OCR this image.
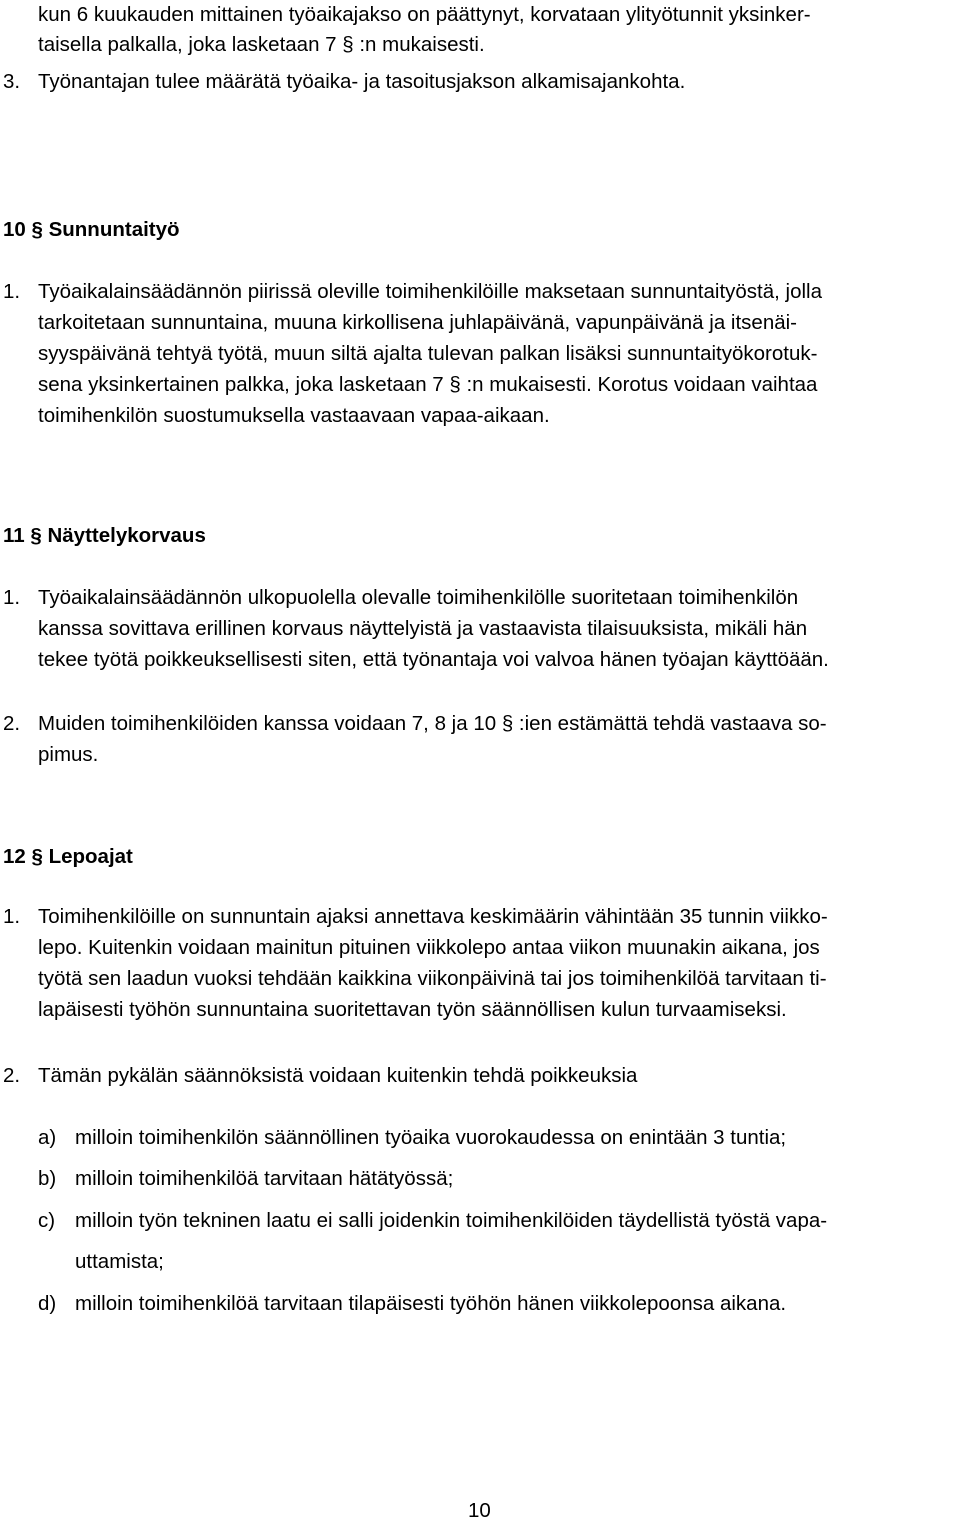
kun 6 kuukauden mittainen työaikajakso on päättynyt, korvataan ylityötunnit yksinker-
taisella palkalla, joka lasketaan 7 § :n mukaisesti.
3. Työnantajan tulee määrätä työaika- ja tasoitusjakson alkamisajankohta.
10 § Sunnuntaityö
1. Työaikalainsäädännön piirissä oleville toimihenkilöille maksetaan sunnuntaityöstä, jolla
tarkoitetaan sunnuntaina, muuna kirkollisena juhlapäivänä, vapunpäivänä ja itsenäi-
syyspäivänä tehtyä työtä, muun siltä ajalta tulevan palkan lisäksi sunnuntaityökorotuk-
sena yksinkertainen palkka, joka lasketaan 7 § :n mukaisesti. Korotus voidaan vaihtaa
toimihenkilön suostumuksella vastaavaan vapaa-aikaan.
11 § Näyttelykorvaus
1. Työaikalainsäädännön ulkopuolella olevalle toimihenkilölle suoritetaan toimihenkilön
kanssa sovittava erillinen korvaus näyttelyistä ja vastaavista tilaisuuksista, mikäli hän
tekee työtä poikkeuksellisesti siten, että työnantaja voi valvoa hänen työajan käyttöään.
2. Muiden toimihenkilöiden kanssa voidaan 7, 8 ja 10 § :ien estämättä tehdä vastaava so-
pimus.
12 § Lepoajat
1. Toimihenkilöille on sunnuntain ajaksi annettava keskimäärin vähintään 35 tunnin viikko-
lepo. Kuitenkin voidaan mainitun pituinen viikkolepo antaa viikon muunakin aikana, jos
työtä sen laadun vuoksi tehdään kaikkina viikonpäivinä tai jos toimihenkilöä tarvitaan ti-
lapäisesti työhön sunnuntaina suoritettavan työn säännöllisen kulun turvaamiseksi.
2. Tämän pykälän säännöksistä voidaan kuitenkin tehdä poikkeuksia
a) milloin toimihenkilön säännöllinen työaika vuorokaudessa on enintään 3 tuntia;
b) milloin toimihenkilöä tarvitaan hätätyössä;
c) milloin työn tekninen laatu ei salli joidenkin toimihenkilöiden täydellistä työstä vapa-
uttamista;
d) milloin toimihenkilöä tarvitaan tilapäisesti työhön hänen viikkolepoonsa aikana.
10
